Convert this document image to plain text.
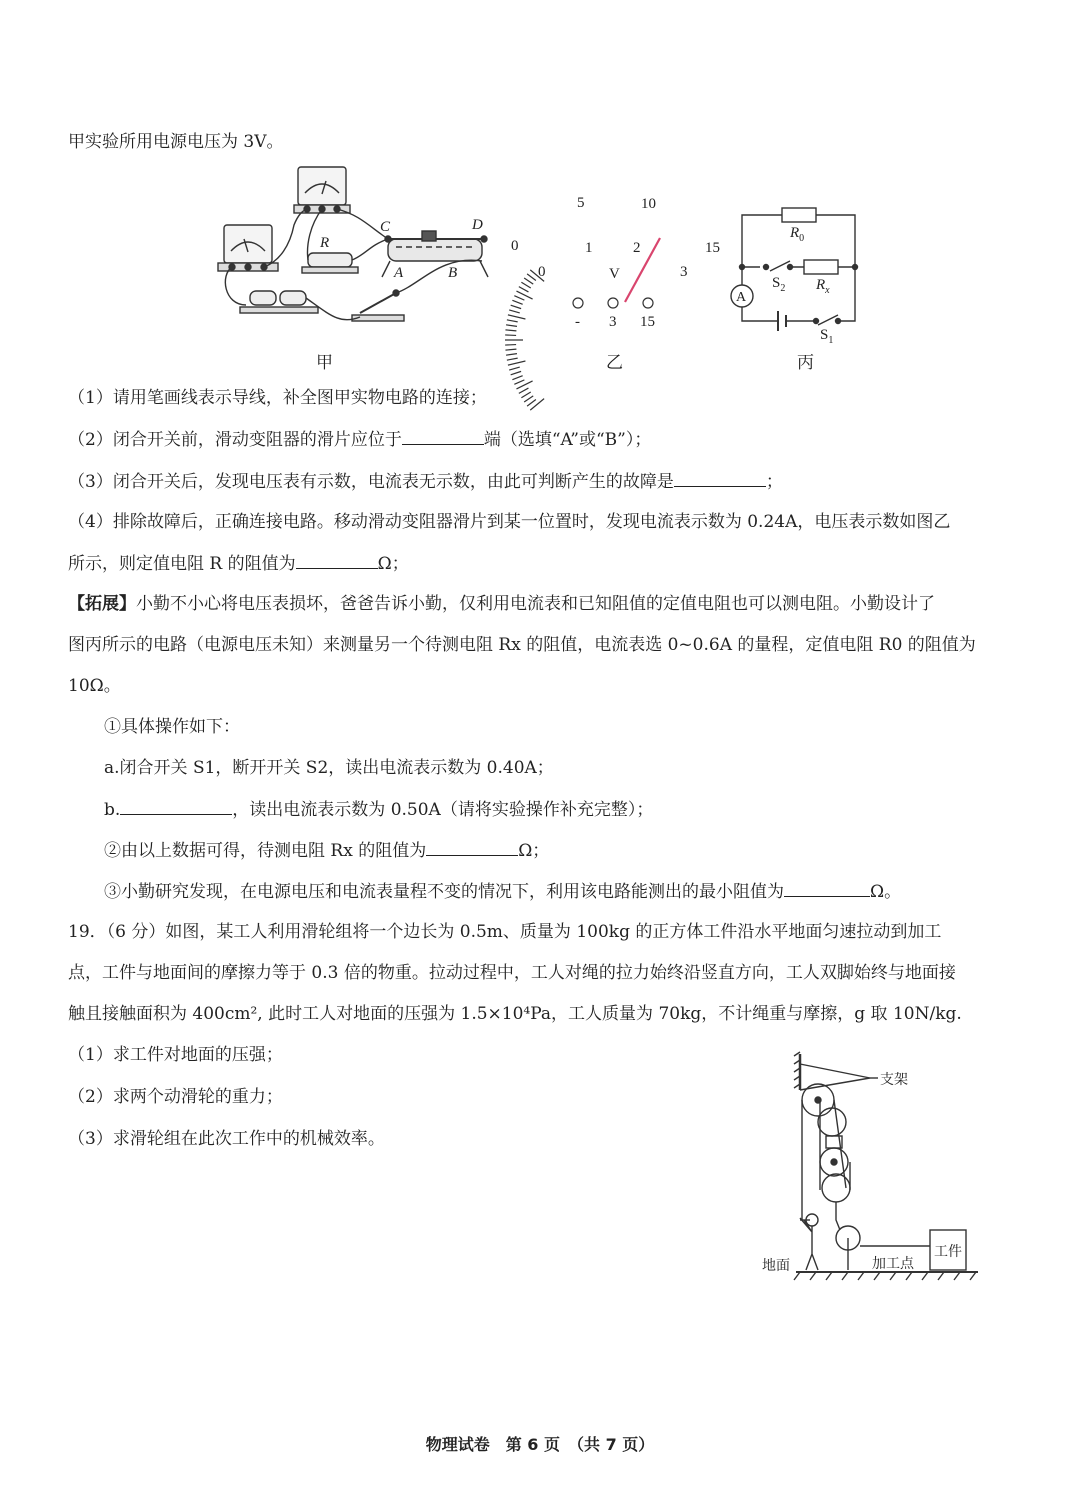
甲实验所用电源电压为 3V。
R
C	D
A	B
0
5	10
15
0
1	2
3
V
- 3 15
A
$R_0$
$R_x$
$S_2$
$S_1$
甲	乙	丙
（1）请用笔画线表示导线，补全图甲实物电路的连接；
（2）闭合开关前，滑动变阻器的滑片应位于	端（选填“A”或“B”）；
（3）闭合开关后，发现电压表有示数，电流表无示数，由此可判断产生的故障是	；
（4）排除故障后，正确连接电路。移动滑动变阻器滑片到某一位置时，发现电流表示数为 0.24A，电压表示数如图乙
所示，则定值电阻 R 的阻值为	Ω；
【拓展】小勤不小心将电压表损坏，爸爸告诉小勤，仅利用电流表和已知阻值的定值电阻也可以测电阻。小勤设计了
图丙所示的电路（电源电压未知）来测量另一个待测电阻 Rx 的阻值，电流表选 0~0.6A 的量程，定值电阻 R0 的阻值为
10Ω。
①具体操作如下：
a.闭合开关 S1，断开开关 S2，读出电流表示数为 0.40A；
b.	，读出电流表示数为 0.50A（请将实验操作补充完整）；
②由以上数据可得，待测电阻 Rx 的阻值为	Ω；
③小勤研究发现，在电源电压和电流表量程不变的情况下，利用该电路能测出的最小阻值为	Ω。
19．（6 分）如图，某工人利用滑轮组将一个边长为 0.5m、质量为 100kg 的正方体工件沿水平地面匀速拉动到加工
点，工件与地面间的摩擦力等于 0.3 倍的物重。拉动过程中，工人对绳的拉力始终沿竖直方向，工人双脚始终与地面接
触且接触面积为 400cm², 此时工人对地面的压强为 1.5×10⁴Pa，工人质量为 70kg，不计绳重与摩擦，g 取 10N/kg.
（1）求工件对地面的压强；
（2）求两个动滑轮的重力；
（3）求滑轮组在此次工作中的机械效率。
支架
工件
加工点
地面
物理试卷　第 6 页　（共 7 页）
